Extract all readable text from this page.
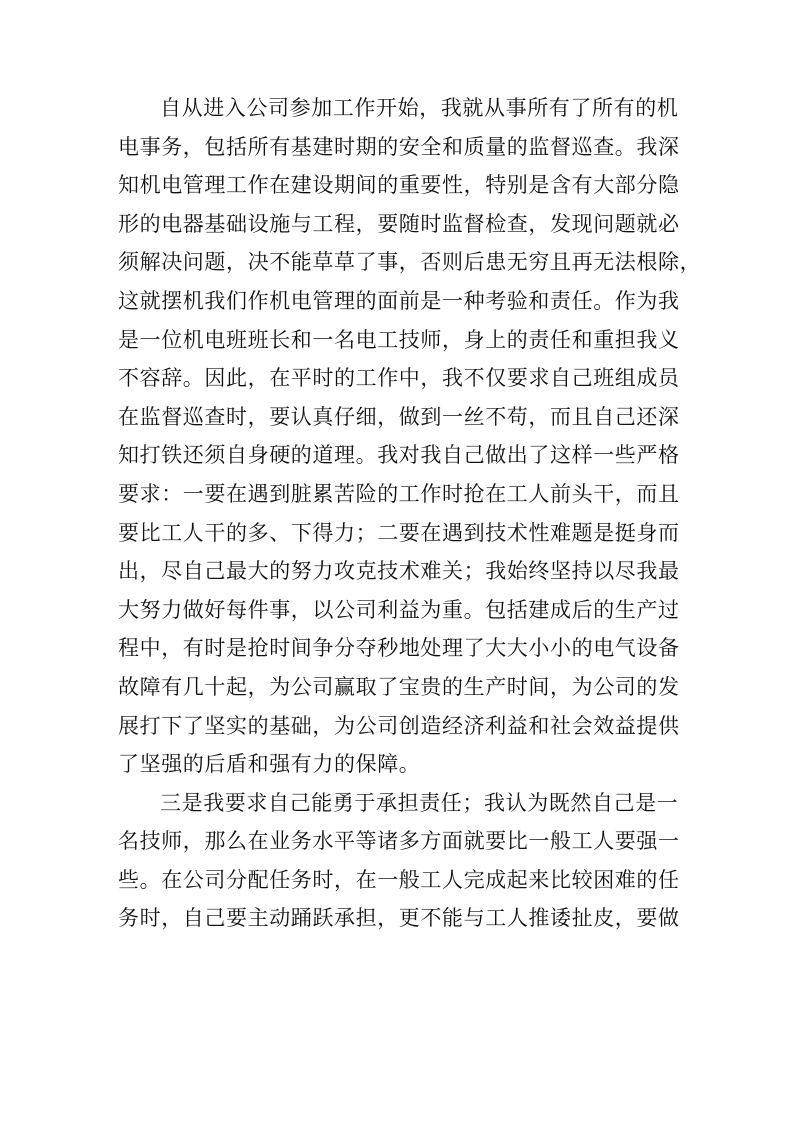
自从进入公司参加工作开始，我就从事所有了所有的机
电事务，包括所有基建时期的安全和质量的监督巡查。我深
知机电管理工作在建设期间的重要性，特别是含有大部分隐
形的电器基础设施与工程，要随时监督检查，发现问题就必
须解决问题，决不能草草了事，否则后患无穷且再无法根除，
这就摆机我们作机电管理的面前是一种考验和责任。作为我
是一位机电班班长和一名电工技师，身上的责任和重担我义
不容辞。因此，在平时的工作中，我不仅要求自己班组成员
在监督巡查时，要认真仔细，做到一丝不苟，而且自己还深
知打铁还须自身硬的道理。我对我自己做出了这样一些严格
要求：一要在遇到脏累苦险的工作时抢在工人前头干，而且
要比工人干的多、下得力；二要在遇到技术性难题是挺身而
出，尽自己最大的努力攻克技术难关；我始终坚持以尽我最
大努力做好每件事，以公司利益为重。包括建成后的生产过
程中，有时是抢时间争分夺秒地处理了大大小小的电气设备
故障有几十起，为公司赢取了宝贵的生产时间，为公司的发
展打下了坚实的基础，为公司创造经济利益和社会效益提供
了坚强的后盾和强有力的保障。
三是我要求自己能勇于承担责任；我认为既然自己是一
名技师，那么在业务水平等诸多方面就要比一般工人要强一
些。在公司分配任务时，在一般工人完成起来比较困难的任
务时，自己要主动踊跃承担，更不能与工人推诿扯皮，要做
